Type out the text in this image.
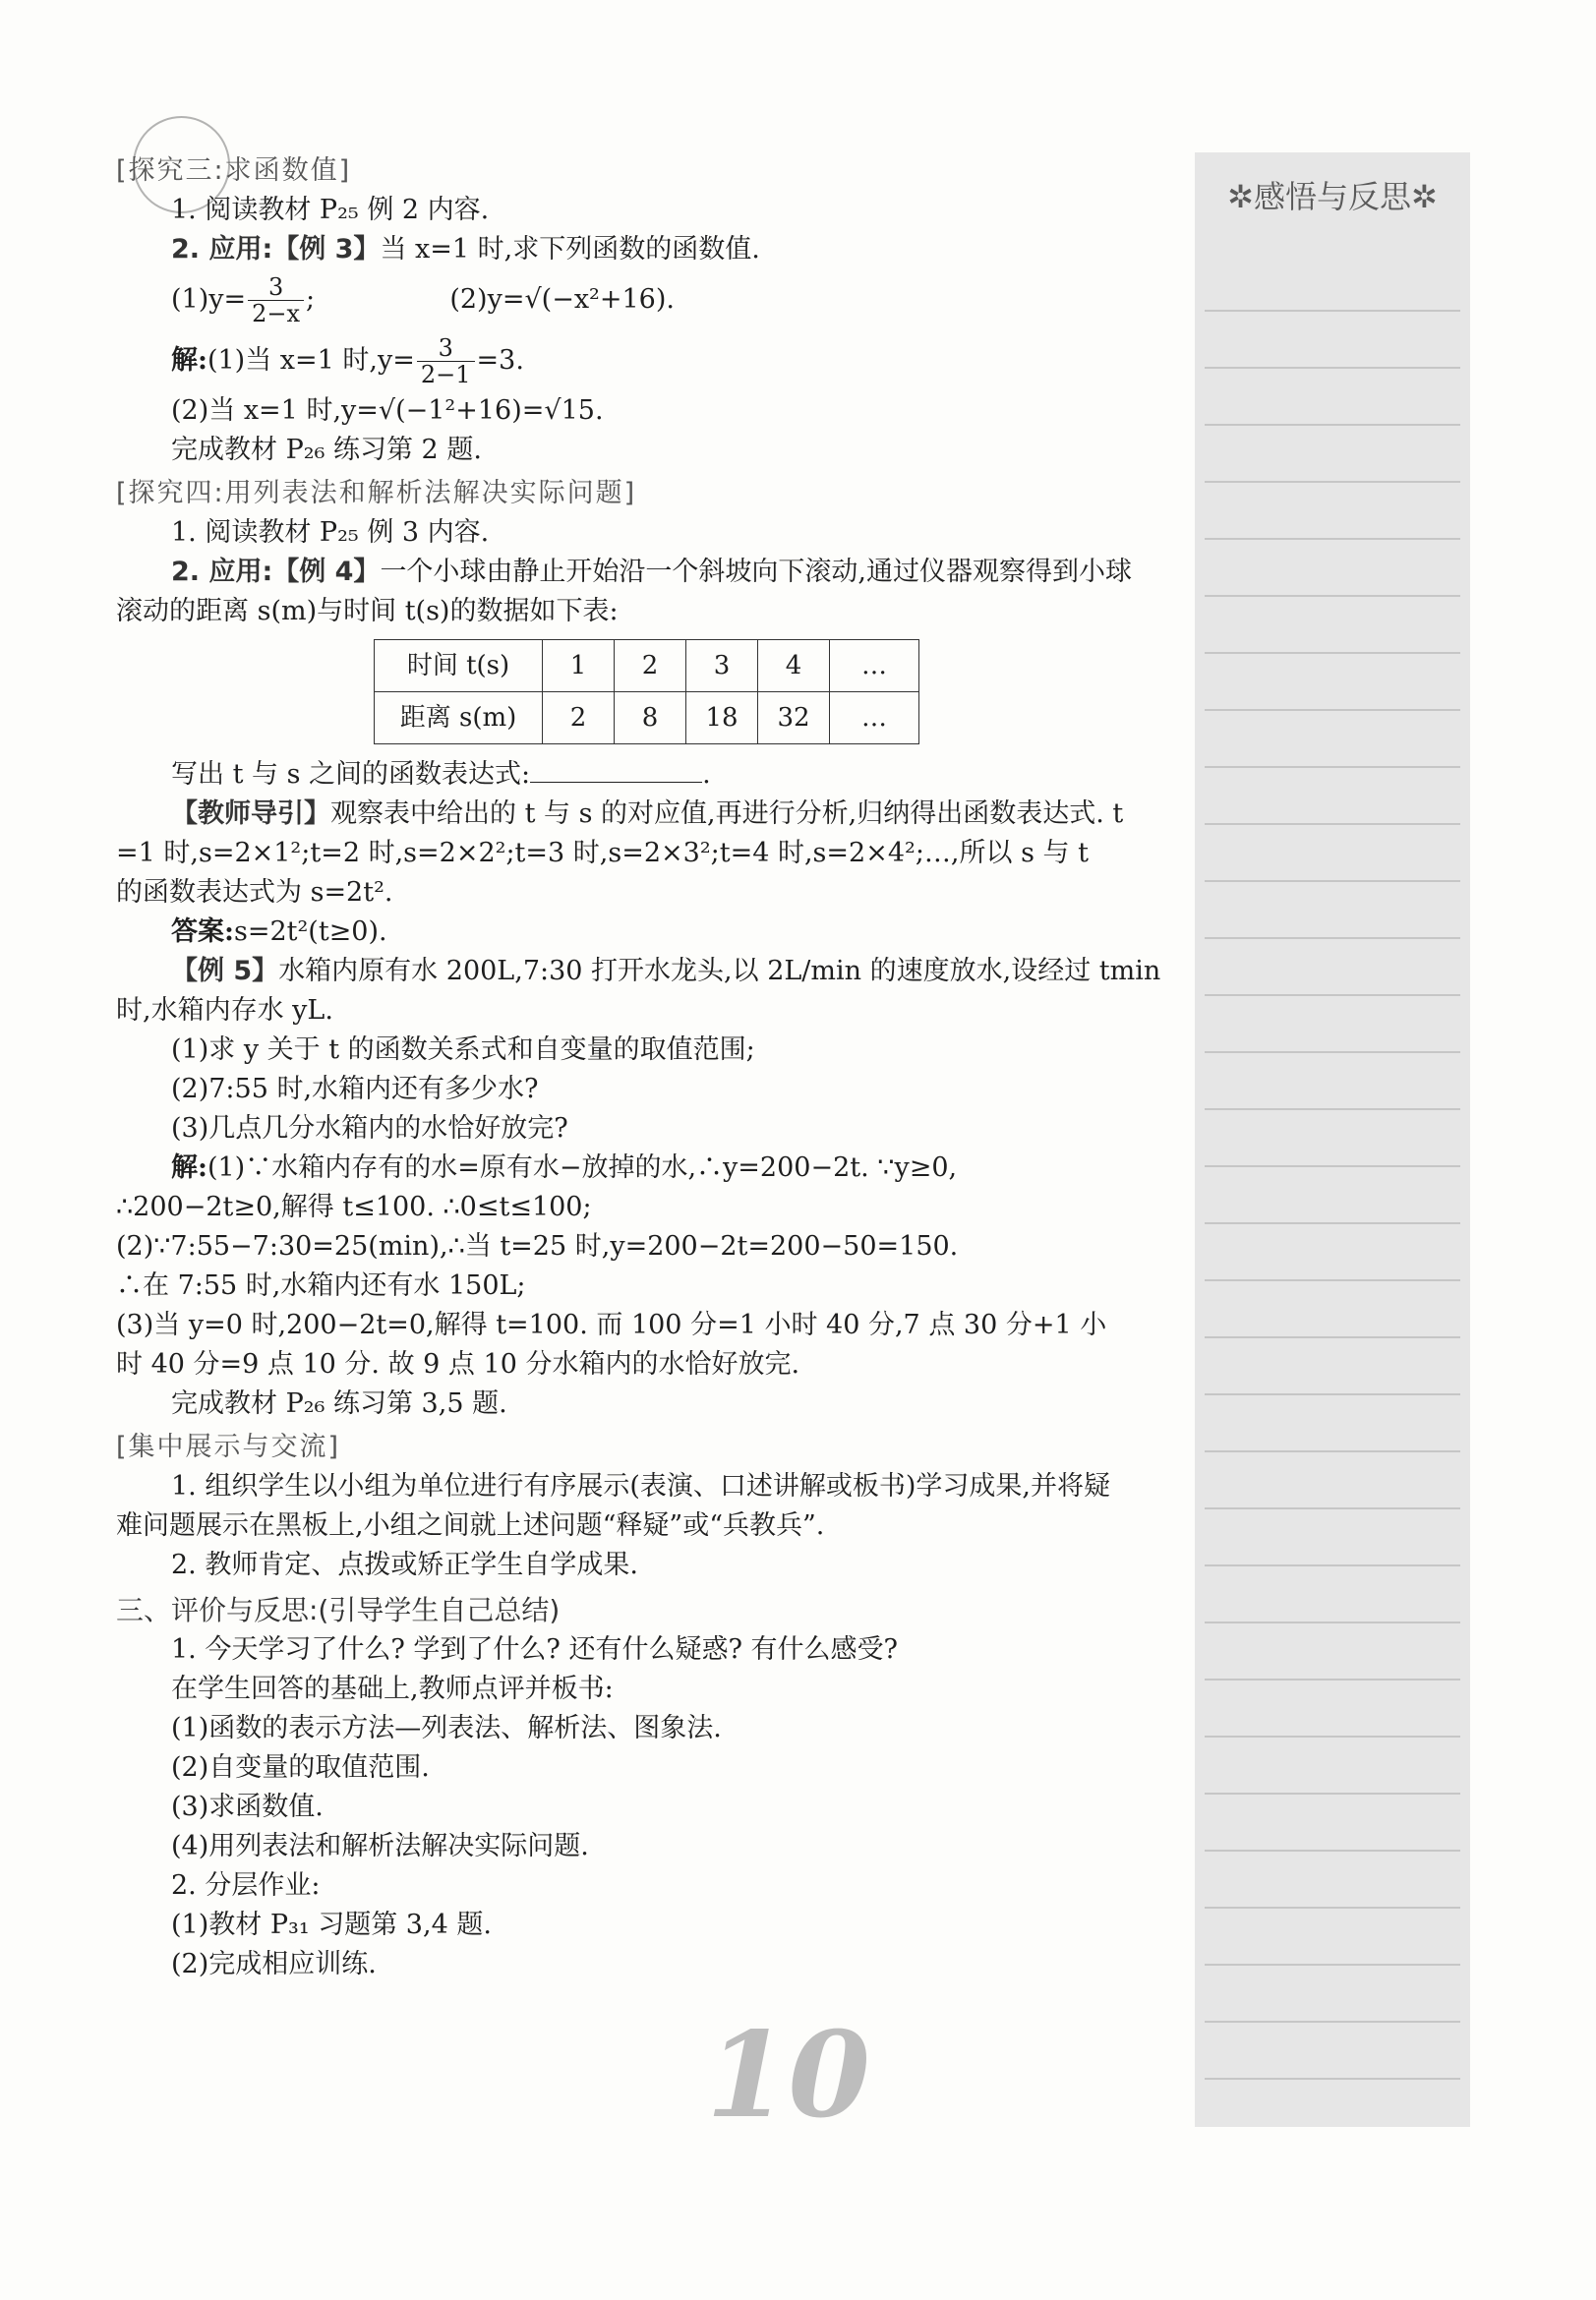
[探究三:求函数值]
1. 阅读教材 P₂₅ 例 2 内容.
2. 应用:【例 3】当 x=1 时,求下列函数的函数值.
$(1)y= \frac{3}{2-x}$ ;	(2)y=√(−x²+16).
解:(1)当 x=1 时$,y= \frac{3}{2-1} =3$.
(2)当 x=1 时,y=√(−1²+16)=√15.
完成教材 P₂₆ 练习第 2 题.
[探究四:用列表法和解析法解决实际问题]
1. 阅读教材 P₂₅ 例 3 内容.
2. 应用:【例 4】一个小球由静止开始沿一个斜坡向下滚动,通过仪器观察得到小球
滚动的距离 s(m)与时间 t(s)的数据如下表:
时间 t(s)	1	2	3	4	…
距离 s(m)	2	8	18	32	…
写出 t 与 s 之间的函数表达式:	.
【教师导引】观察表中给出的 t 与 s 的对应值,再进行分析,归纳得出函数表达式. t
=1 时,s=2×1²;t=2 时,s=2×2²;t=3 时,s=2×3²;t=4 时,s=2×4²;…,所以 s 与 t
的函数表达式为 s=2t².
答案:s=2t²(t≥0).
【例 5】水箱内原有水 200L,7:30 打开水龙头,以 2L/min 的速度放水,设经过 tmin
时,水箱内存水 yL.
(1)求 y 关于 t 的函数关系式和自变量的取值范围;
(2)7:55 时,水箱内还有多少水?
(3)几点几分水箱内的水恰好放完?
解:(1)∵水箱内存有的水=原有水−放掉的水,∴y=200−2t. ∵y≥0,
∴200−2t≥0,解得 t≤100. ∴0≤t≤100;
(2)∵7:55−7:30=25(min),∴当 t=25 时,y=200−2t=200−50=150.
∴在 7:55 时,水箱内还有水 150L;
(3)当 y=0 时,200−2t=0,解得 t=100. 而 100 分=1 小时 40 分,7 点 30 分+1 小
时 40 分=9 点 10 分. 故 9 点 10 分水箱内的水恰好放完.
完成教材 P₂₆ 练习第 3,5 题.
[集中展示与交流]
1. 组织学生以小组为单位进行有序展示(表演、口述讲解或板书)学习成果,并将疑
难问题展示在黑板上,小组之间就上述问题“释疑”或“兵教兵”.
2. 教师肯定、点拨或矫正学生自学成果.
三、评价与反思:(引导学生自己总结)
1. 今天学习了什么? 学到了什么? 还有什么疑惑? 有什么感受?
在学生回答的基础上,教师点评并板书:
(1)函数的表示方法—列表法、解析法、图象法.
(2)自变量的取值范围.
(3)求函数值.
(4)用列表法和解析法解决实际问题.
2. 分层作业:
(1)教材 P₃₁ 习题第 3,4 题.
(2)完成相应训练.
✲感悟与反思✲
10
